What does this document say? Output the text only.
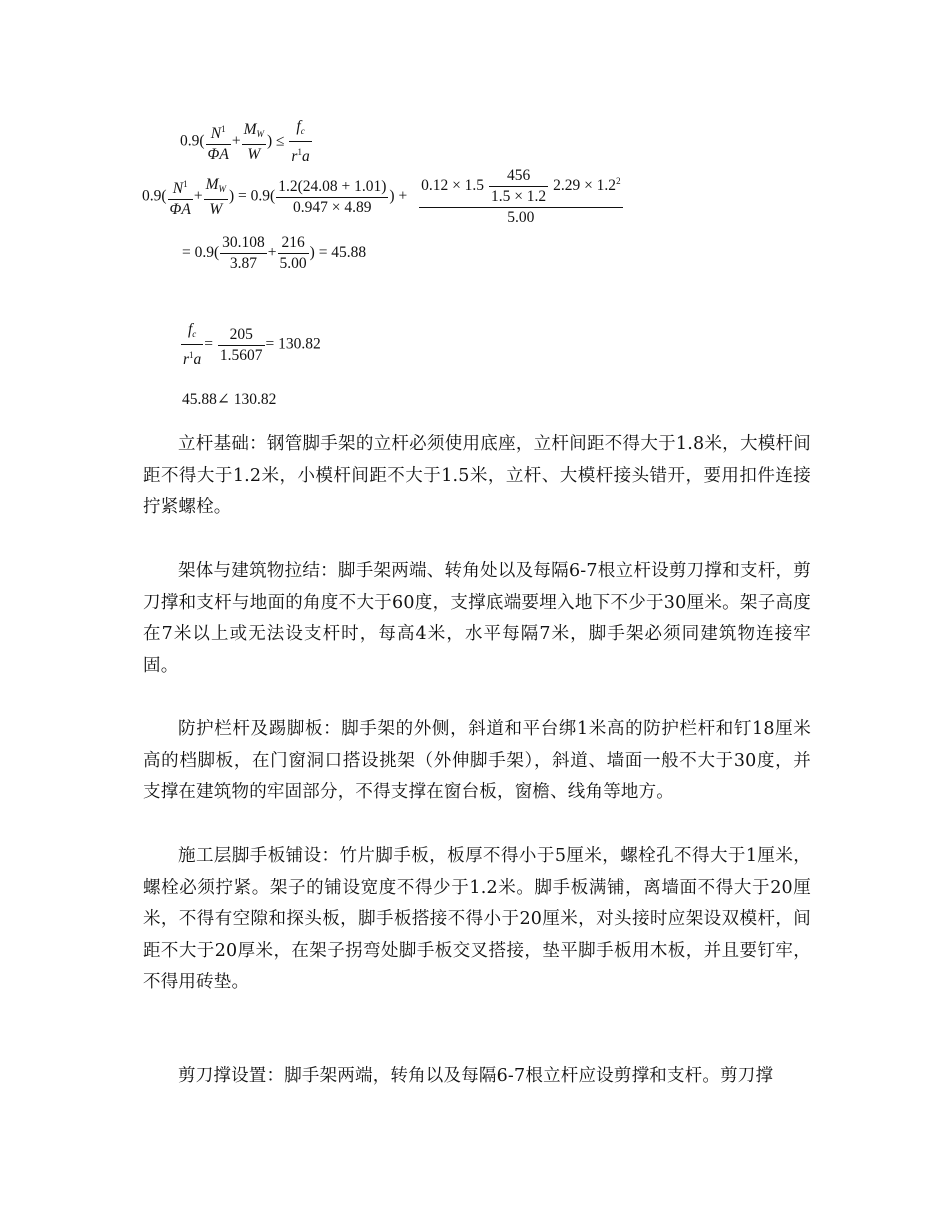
$0.9( \frac{N^1}{\Phi A} + \frac{M_W}{W}$ ) ≤ $\frac{f_c}{r^1a}$
$0.9( \frac{N^1}{\Phi A} + \frac{M_W}{W}$ ) = $0.9( \frac{1.2(24.08 + 1.01)}{0.947 \times 4.89}$ ) + $\frac{0.12 \times 1.5 \frac{456}{1.5 \times 1.2} 2.29 \times 1.2^2}{5.00}$
= $0.9( \frac{30.108}{3.87} + \frac{216}{5.00}$ ) = 45.88
$\frac{f_c}{r^1a} = \frac{205}{1.5607} = 130.82$
45.88∠ 130.82

立杆基础：钢管脚手架的立杆必须使用底座，立杆间距不得大于1.8米，大模杆间距不得大于1.2米，小模杆间距不大于1.5米，立杆、大模杆接头错开，要用扣件连接拧紧螺栓。

架体与建筑物拉结：脚手架两端、转角处以及每隔6-7根立杆设剪刀撑和支杆，剪刀撑和支杆与地面的角度不大于60度，支撑底端要埋入地下不少于30厘米。架子高度在7米以上或无法设支杆时，每高4米，水平每隔7米，脚手架必须同建筑物连接牢固。

防护栏杆及踢脚板：脚手架的外侧，斜道和平台绑1米高的防护栏杆和钉18厘米高的档脚板，在门窗洞口搭设挑架（外伸脚手架），斜道、墙面一般不大于30度，并支撑在建筑物的牢固部分，不得支撑在窗台板，窗檐、线角等地方。

施工层脚手板铺设：竹片脚手板，板厚不得小于5厘米，螺栓孔不得大于1厘米，螺栓必须拧紧。架子的铺设宽度不得少于1.2米。脚手板满铺，离墙面不得大于20厘米，不得有空隙和探头板，脚手板搭接不得小于20厘米，对头接时应架设双模杆，间距不大于20厚米，在架子拐弯处脚手板交叉搭接，垫平脚手板用木板，并且要钉牢，不得用砖垫。

剪刀撑设置：脚手架两端，转角以及每隔6-7根立杆应设剪撑和支杆。剪刀撑
